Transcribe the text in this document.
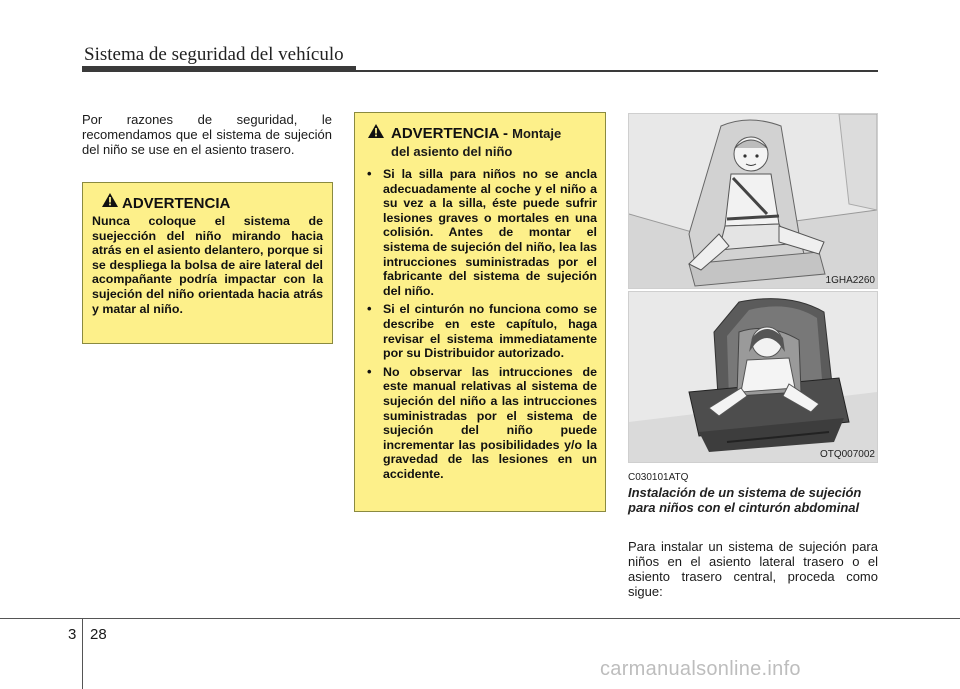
Sistema de seguridad del vehículo
Por razones de seguridad, le recomendamos que el sistema de sujeción del niño se use en el asiento trasero.
ADVERTENCIA
Nunca coloque el sistema de suejección del niño mirando hacia atrás en el asiento delantero, porque si se despliega la bolsa de aire lateral del acompañante podría impactar con la sujeción del niño orientada hacia atrás y matar al niño.
ADVERTENCIA - Montaje
del asiento del niño
• Si la silla para niños no se ancla adecuadamente al coche y el niño a su vez a la silla, éste puede sufrir lesiones graves o mortales en una colisión. Antes de montar el sistema de sujeción del niño, lea las intrucciones suministradas por el fabricante del sistema de sujeción del niño.
• Si el cinturón no funciona como se describe en este capítulo, haga revisar el sistema immediatamente por su Distribuidor autorizado.
• No observar las intrucciones de este manual relativas al sistema de sujeción del niño a las intrucciones suministradas por el sistema de sujeción del niño puede incrementar las posibilidades y/o la gravedad de las lesiones en un accidente.
1GHA2260
OTQ007002
C030101ATQ
Instalación de un sistema de sujeción para niños con el cinturón abdominal
Para instalar un sistema de sujeción para niños en el asiento lateral trasero o el asiento trasero central, proceda como sigue:
3 28
carmanualsonline.info
